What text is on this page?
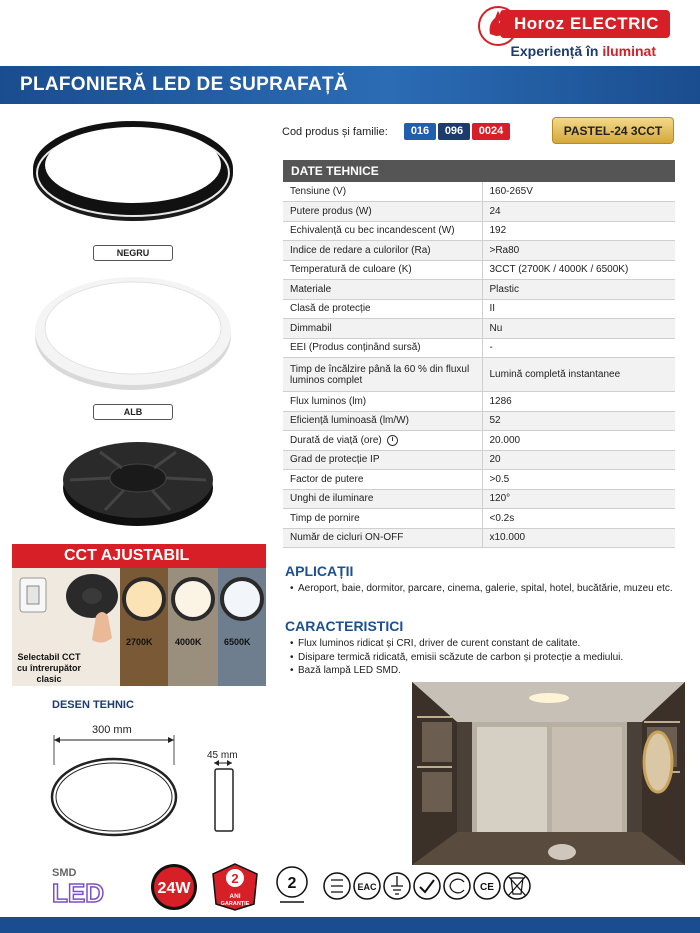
Horoz ELECTRIC
Experiență în iluminat
PLAFONIERĂ LED DE SUPRAFAȚĂ
NEGRU
ALB
Cod produs și familie:	016	096	0024	PASTEL-24 3CCT
DATE TEHNICE	
Tensiune (V)	160-265V
Putere produs (W)	24
Echivalență cu bec incandescent (W)	192
Indice de redare a culorilor (Ra)	>Ra80
Temperatură de culoare (K)	3CCT (2700K / 4000K / 6500K)
Materiale	Plastic
Clasă de protecție	II
Dimmabil	Nu
EEI (Produs conținând sursă)	-
Timp de încălzire până la 60 % din fluxul luminos complet	Lumină completă instantanee
Flux luminos (lm)	1286
Eficiență luminoasă (lm/W)	52
Durată de viață (ore)	20.000
Grad de protecție IP	20
Factor de putere	>0.5
Unghi de iluminare	120°
Timp de pornire	<0.2s
Număr de cicluri ON-OFF	x10.000
CCT AJUSTABIL
2700K 4000K 6500K
Selectabil CCT cu întrerupător clasic
APLICAȚII
• Aeroport, baie, dormitor, parcare, cinema, galerie, spital, hotel, bucătărie, muzeu etc.
CARACTERISTICI
• Flux luminos ridicat și CRI, driver de curent constant de calitate.
• Disipare termică ridicată, emisii scăzute de carbon și protecție a mediului.
• Bază lampă LED SMD.
DESEN TEHNIC
300 mm
45 mm
SMD
LED	24W
2
ANI
GARANȚIE
2	EAC	CE
